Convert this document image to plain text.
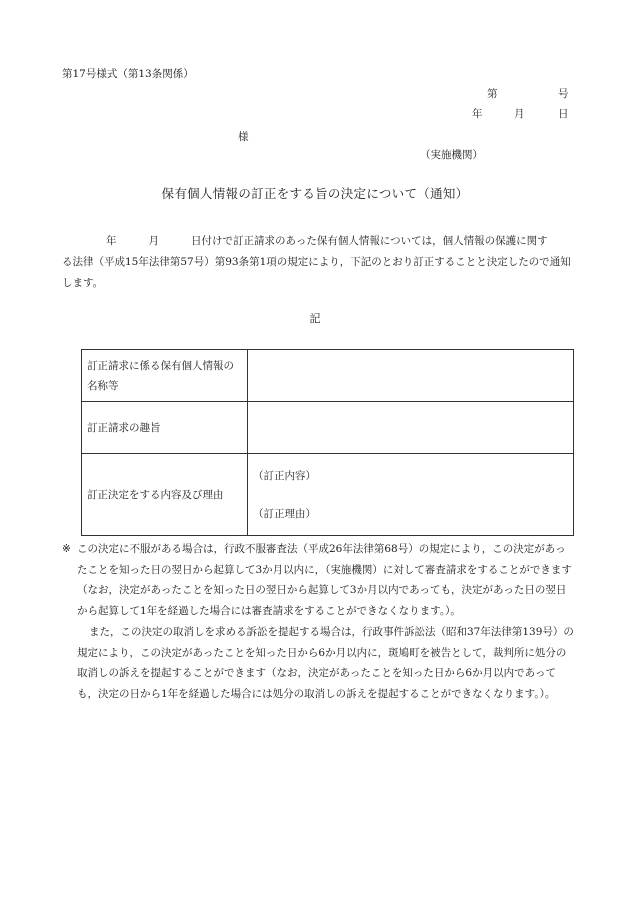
第17号様式（第13条関係）
第	号
年	月	日
様
（実施機関）
保有個人情報の訂正をする旨の決定について（通知）
年	月	日付けで訂正請求のあった保有個人情報については，個人情報の保護に関す
る法律（平成15年法律第57号）第93条第1項の規定により，下記のとおり訂正することと決定したので通知します。
記
訂正請求に係る保有個人情報の名称等	
訂正請求の趣旨	
訂正決定をする内容及び理由	（訂正内容）
（訂正理由）
※ この決定に不服がある場合は，行政不服審査法（平成26年法律第68号）の規定により，この決定があったことを知った日の翌日から起算して3か月以内に，（実施機関）に対して審査請求をすることができます（なお，決定があったことを知った日の翌日から起算して3か月以内であっても，決定があった日の翌日から起算して1年を経過した場合には審査請求をすることができなくなります。）。
また，この決定の取消しを求める訴訟を提起する場合は，行政事件訴訟法（昭和37年法律第139号）の規定により，この決定があったことを知った日から6か月以内に，斑鳩町を被告として，裁判所に処分の取消しの訴えを提起することができます（なお，決定があったことを知った日から6か月以内であっても，決定の日から1年を経過した場合には処分の取消しの訴えを提起することができなくなります。）。
